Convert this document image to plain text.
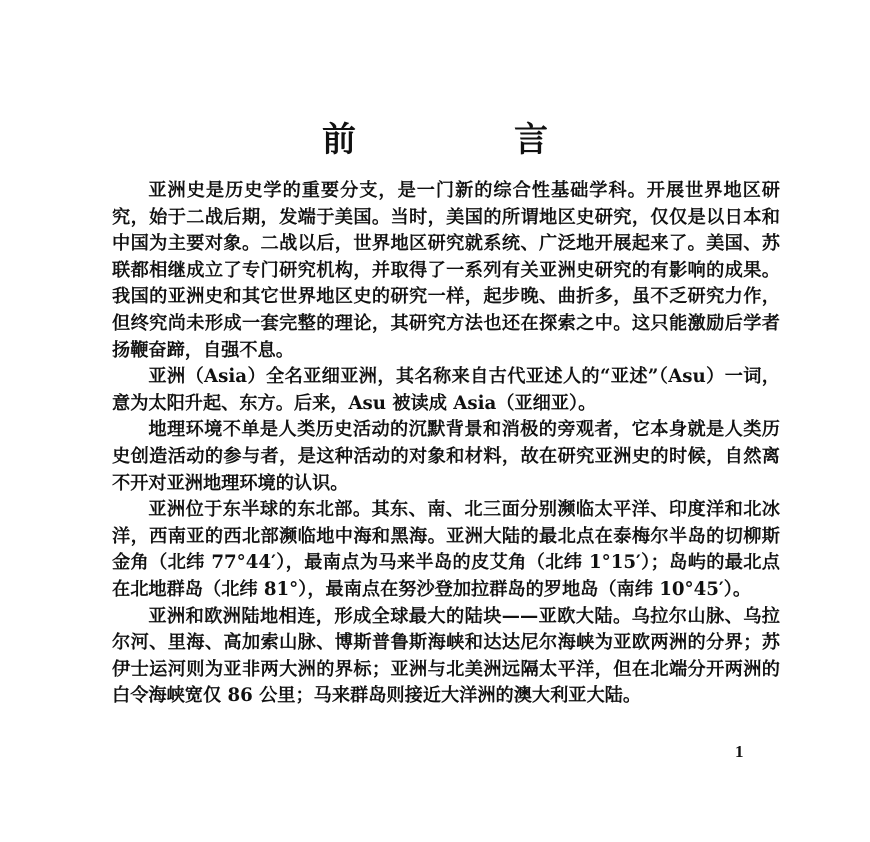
前　言

亚洲史是历史学的重要分支，是一门新的综合性基础学科。开展世界地区研究，始于二战后期，发端于美国。当时，美国的所谓地区史研究，仅仅是以日本和中国为主要对象。二战以后，世界地区研究就系统、广泛地开展起来了。美国、苏联都相继成立了专门研究机构，并取得了一系列有关亚洲史研究的有影响的成果。我国的亚洲史和其它世界地区史的研究一样，起步晚、曲折多，虽不乏研究力作，但终究尚未形成一套完整的理论，其研究方法也还在探索之中。这只能激励后学者扬鞭奋蹄，自强不息。

亚洲（Asia）全名亚细亚洲，其名称来自古代亚述人的“亚述”（Asu）一词，意为太阳升起、东方。后来，Asu 被读成 Asia（亚细亚）。

地理环境不单是人类历史活动的沉默背景和消极的旁观者，它本身就是人类历史创造活动的参与者，是这种活动的对象和材料，故在研究亚洲史的时候，自然离不开对亚洲地理环境的认识。

亚洲位于东半球的东北部。其东、南、北三面分别濒临太平洋、印度洋和北冰洋，西南亚的西北部濒临地中海和黑海。亚洲大陆的最北点在泰梅尔半岛的切柳斯金角（北纬 77°44′），最南点为马来半岛的皮艾角（北纬 1°15′）；岛屿的最北点在北地群岛（北纬 81°），最南点在努沙登加拉群岛的罗地岛（南纬 10°45′）。

亚洲和欧洲陆地相连，形成全球最大的陆块——亚欧大陆。乌拉尔山脉、乌拉尔河、里海、高加索山脉、博斯普鲁斯海峡和达达尼尔海峡为亚欧两洲的分界；苏伊士运河则为亚非两大洲的界标；亚洲与北美洲远隔太平洋，但在北端分开两洲的白令海峡宽仅 86 公里；马来群岛则接近大洋洲的澳大利亚大陆。

1
